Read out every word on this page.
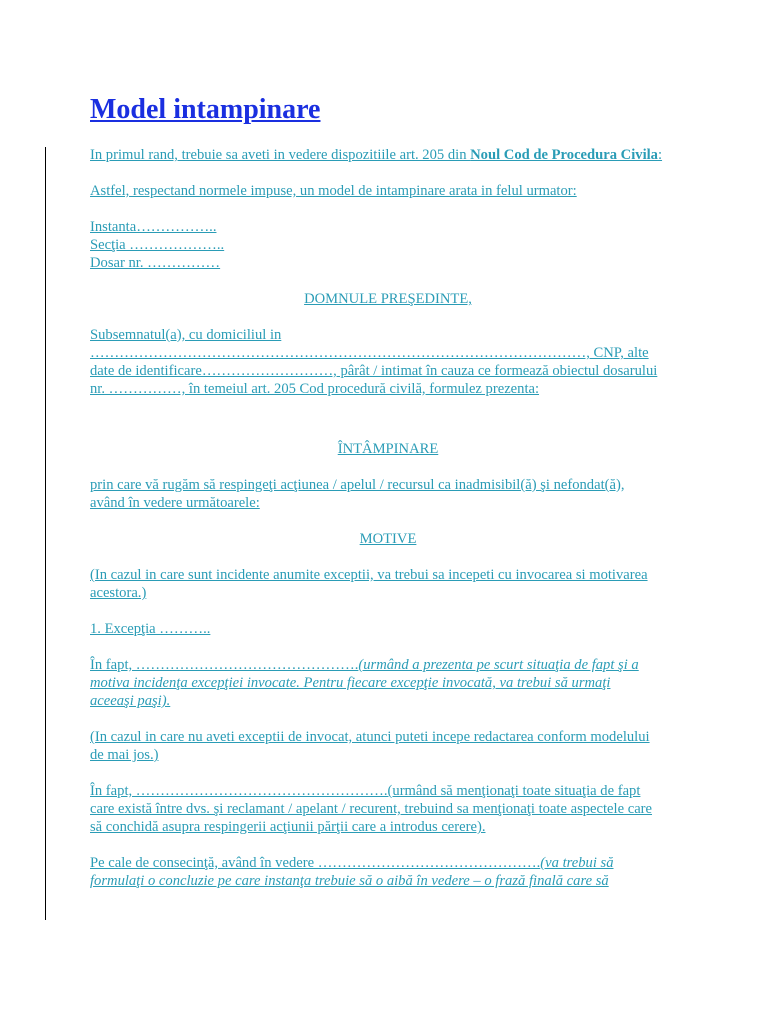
Model intampinare

In primul rand, trebuie sa aveti in vedere dispozitiile art. 205 din Noul Cod de Procedura Civila:

Astfel, respectand normele impuse, un model de intampinare arata in felul urmator:

Instanta……………..

Secţia ………………..

Dosar nr. ……………

DOMNULE PREŞEDINTE,

Subsemnatul(a), cu domiciliul in

…………………………………………………………………………………………, CNP, alte

date de identificare………………………, pârât / intimat în cauza ce formează obiectul dosarului

nr. ……………, în temeiul art. 205 Cod procedură civilă, formulez prezenta:

ÎNTÂMPINARE

prin care vă rugăm să respingeţi acţiunea / apelul / recursul ca inadmisibil(ă) şi nefondat(ă),

având în vedere următoarele:

MOTIVE

(In cazul in care sunt incidente anumite exceptii, va trebui sa incepeti cu invocarea si motivarea

acestora.)

1. Excepţia ………..

În fapt, ……………………………………….(urmând a prezenta pe scurt situaţia de fapt şi a

motiva incidenţa excepţiei invocate. Pentru fiecare excepţie invocată, va trebui să urmaţi

aceeaşi paşi).

(In cazul in care nu aveti exceptii de invocat, atunci puteti incepe redactarea conform modelului

de mai jos.)

În fapt, …………………………………………….(urmând să menţionaţi toate situaţia de fapt

care există între dvs. şi reclamant / apelant / recurent, trebuind sa menţionaţi toate aspectele care

să conchidă asupra respingerii acţiunii părţii care a introdus cerere).

Pe cale de consecinţă, având în vedere ……………………………………….(va trebui să

formulaţi o concluzie pe care instanţa trebuie să o aibă în vedere – o frază finală care să
